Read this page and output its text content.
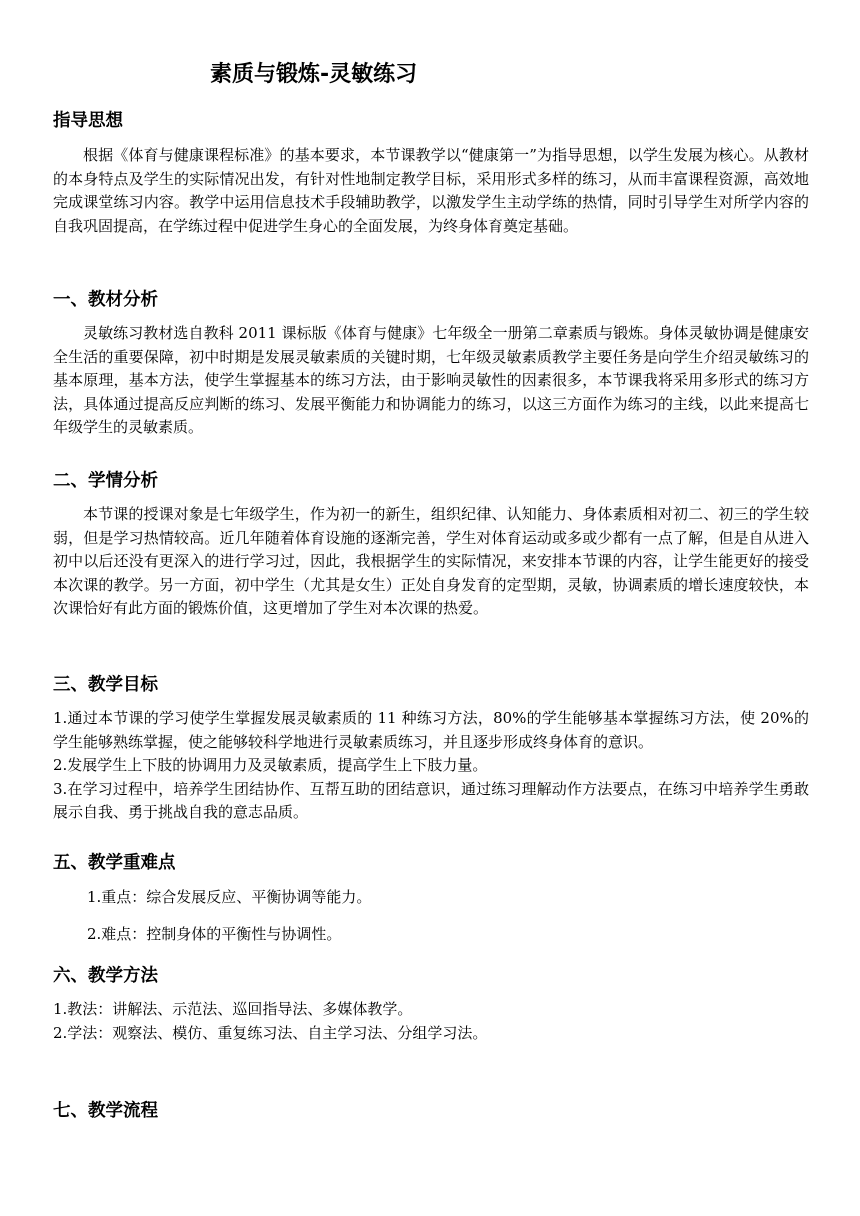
素质与锻炼-灵敏练习
指导思想

根据《体育与健康课程标准》的基本要求，本节课教学以“健康第一”为指导思想，以学生发展为核心。从教材的本身特点及学生的实际情况出发，有针对性地制定教学目标，采用形式多样的练习，从而丰富课程资源，高效地完成课堂练习内容。教学中运用信息技术手段辅助教学，以激发学生主动学练的热情，同时引导学生对所学内容的自我巩固提高，在学练过程中促进学生身心的全面发展，为终身体育奠定基础。

一、教材分析

灵敏练习教材选自教科 2011 课标版《体育与健康》七年级全一册第二章素质与锻炼。身体灵敏协调是健康安全生活的重要保障，初中时期是发展灵敏素质的关键时期，七年级灵敏素质教学主要任务是向学生介绍灵敏练习的基本原理，基本方法，使学生掌握基本的练习方法，由于影响灵敏性的因素很多，本节课我将采用多形式的练习方法，具体通过提高反应判断的练习、发展平衡能力和协调能力的练习，以这三方面作为练习的主线，以此来提高七年级学生的灵敏素质。

二、学情分析

本节课的授课对象是七年级学生，作为初一的新生，组织纪律、认知能力、身体素质相对初二、初三的学生较弱，但是学习热情较高。近几年随着体育设施的逐渐完善，学生对体育运动或多或少都有一点了解，但是自从进入初中以后还没有更深入的进行学习过，因此，我根据学生的实际情况，来安排本节课的内容，让学生能更好的接受本次课的教学。另一方面，初中学生（尤其是女生）正处自身发育的定型期，灵敏，协调素质的增长速度较快，本次课恰好有此方面的锻炼价值，这更增加了学生对本次课的热爱。

三、教学目标
1.通过本节课的学习使学生掌握发展灵敏素质的 11 种练习方法，80%的学生能够基本掌握练习方法，使 20%的学生能够熟练掌握，使之能够较科学地进行灵敏素质练习，并且逐步形成终身体育的意识。
2.发展学生上下肢的协调用力及灵敏素质，提高学生上下肢力量。
3.在学习过程中，培养学生团结协作、互帮互助的团结意识，通过练习理解动作方法要点，在练习中培养学生勇敢展示自我、勇于挑战自我的意志品质。
五、教学重难点

1.重点：综合发展反应、平衡协调等能力。

2.难点：控制身体的平衡性与协调性。

六、教学方法
1.教法：讲解法、示范法、巡回指导法、多媒体教学。
2.学法：观察法、模仿、重复练习法、自主学习法、分组学习法。
七、教学流程
